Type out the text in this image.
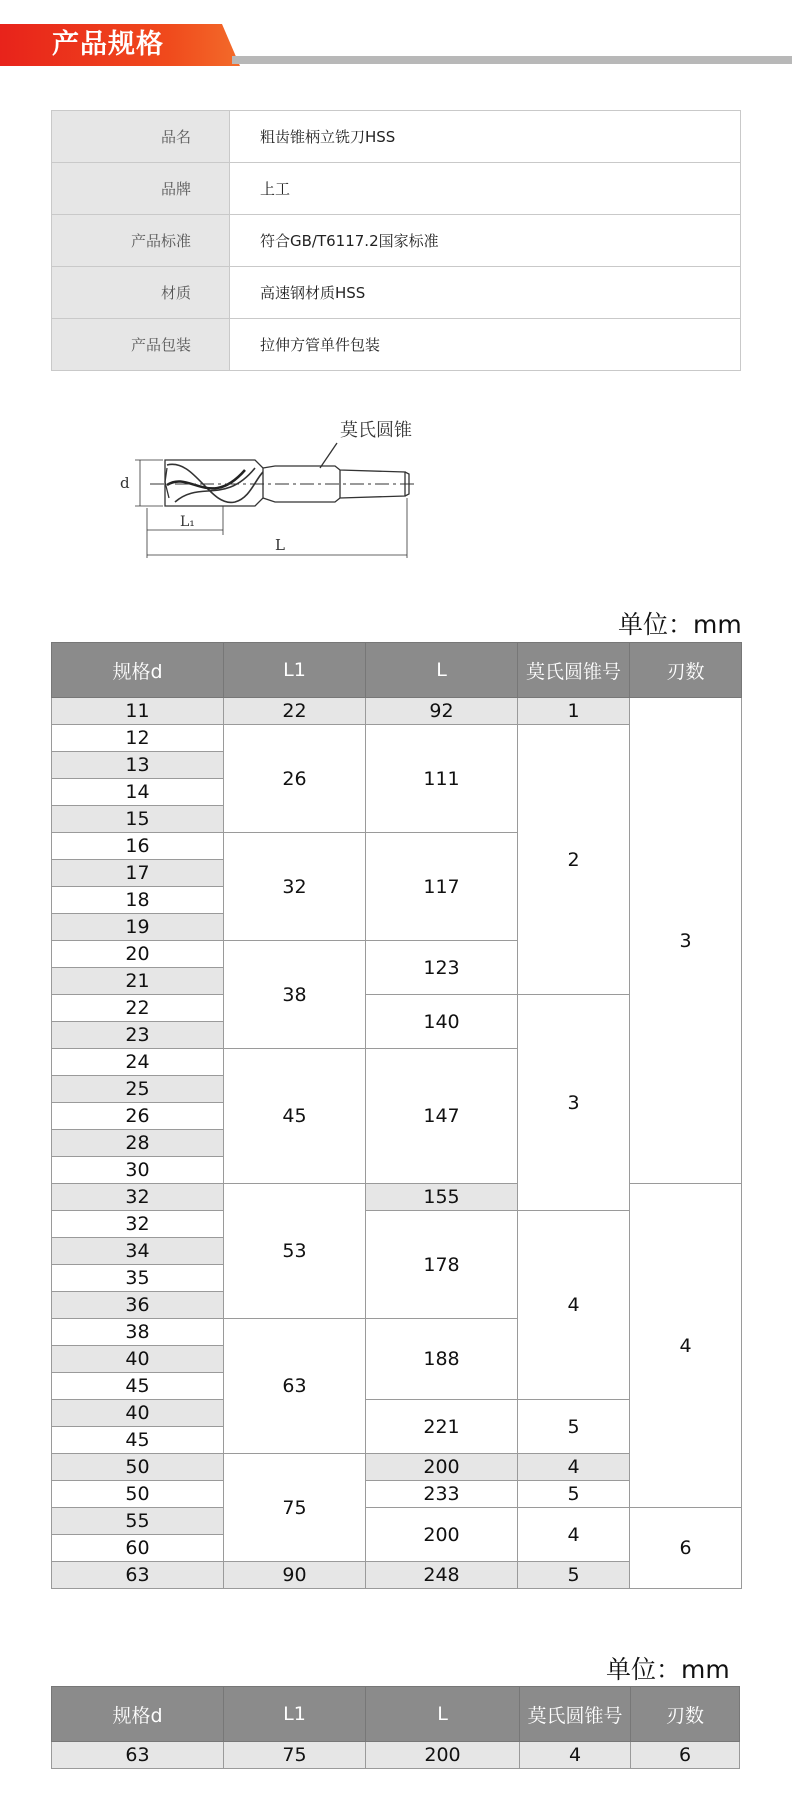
产品规格
品名	粗齿锥柄立铣刀HSS
品牌	上工
产品标准	符合GB/T6117.2国家标准
材质	高速钢材质HSS
产品包装	拉伸方管单件包装
莫氏圆锥
d
L₁
L
单位：mm
规格d	L1	L	莫氏圆锥号	刃数
11	22	92	1	3
12	26	111	2	
13				
14				
15				
16	32	117		
17				
18				
19				
20	38	123		
21				
22		140	3	
23				
24	45	147		
25				
26				
28				
30				
32	53	155		4
32		178	4	
34				
35				
36				
38	63	188		
40				
45				
40		221	5	
45				
50	75	200	4	
50		233	5	
55		200	4	6
60				
63	90	248	5	
单位：mm
规格d	L1	L	莫氏圆锥号	刃数
63	75	200	4	6
